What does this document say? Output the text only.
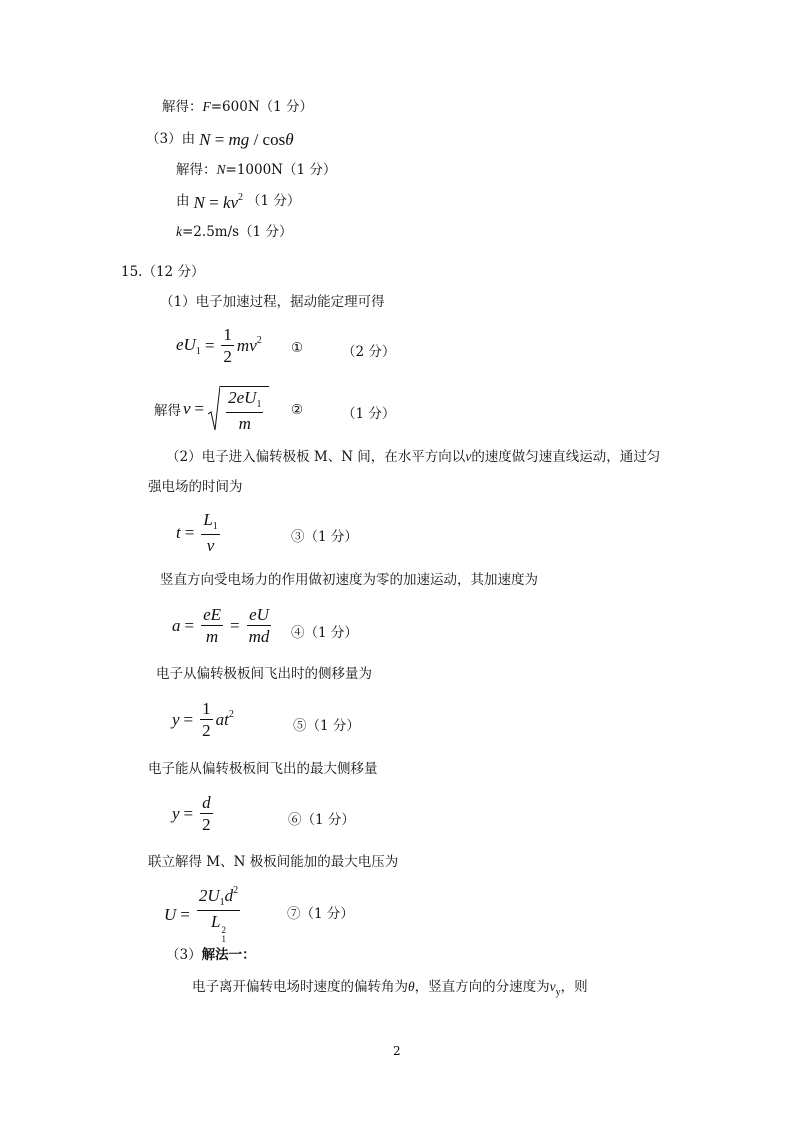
解得：F=600N（1 分）
（3）由 N = mg / cosθ
解得：N=1000N（1 分）
由 $N = kv^2$ （1 分）
k=2.5m/s（1 分）
15.（12 分）
（1）电子加速过程，据动能定理可得
$eU_1 = \frac{1}{2} mv^2$ ①	（2 分）
解得 $v = \frac{2eU_1}{m}$ ②	（1 分）
（2）电子进入偏转极板 M、N 间，在水平方向以v的速度做匀速直线运动，通过匀
强电场的时间为
$t = \frac{L_1}{v}$	③（1 分）
竖直方向受电场力的作用做初速度为零的加速运动，其加速度为
$a = \frac{eE}{m} = \frac{eU}{md}$ ④（1 分）
电子从偏转极板间飞出时的侧移量为
$y = \frac{1}{2} at^2$
⑤（1 分）
电子能从偏转极板间飞出的最大侧移量
$y = \frac{d}{2}$	⑥（1 分）
联立解得 M、N 极板间能加的最大电压为
$U = 2U_1d^2$
L 2
1	⑦（1 分）
（3）解法一：
电子离开偏转电场时速度的偏转角为θ，竖直方向的分速度为$v_y$，则
2
